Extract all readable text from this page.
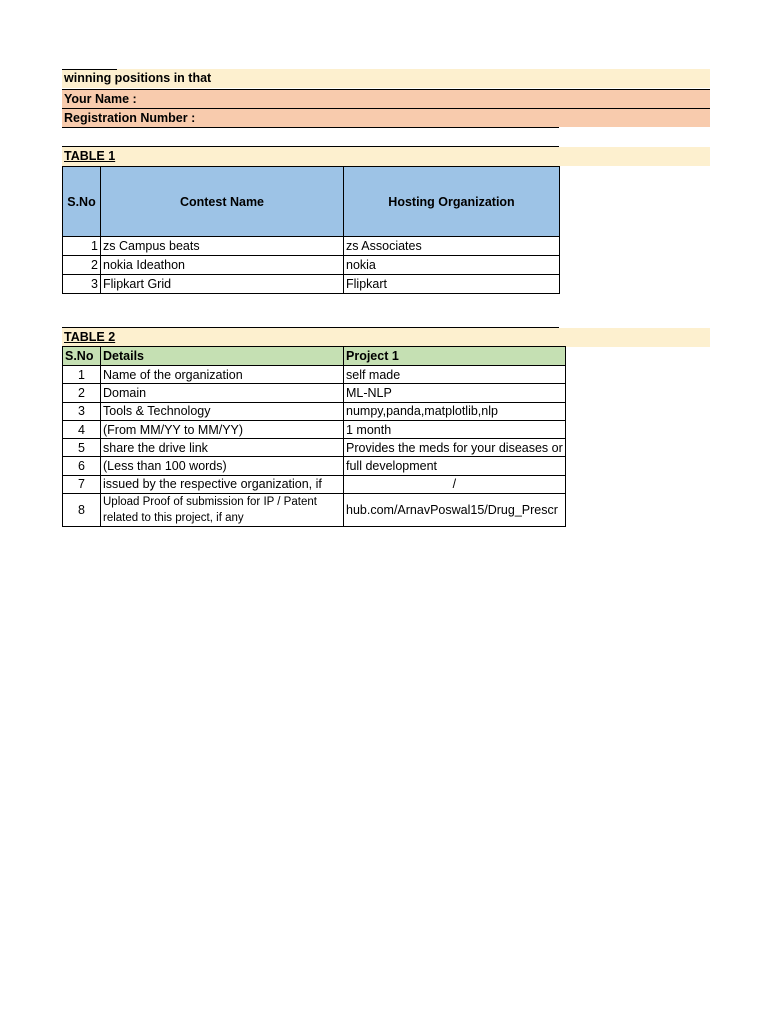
winning positions in that
Your Name :
Registration Number :
TABLE 1
S.No	Contest Name	Hosting Organization
1	zs Campus beats	zs Associates
2	nokia Ideathon	nokia
3	Flipkart Grid	Flipkart
TABLE 2
S.No	Details	Project 1
1	Name of the organization	self made
2	Domain	ML-NLP
3	Tools & Technology	numpy,panda,matplotlib,nlp
4	(From MM/YY to MM/YY)	1 month
5	share the drive link	Provides the meds for your diseases or
6	(Less than 100 words)	full development
7	issued by the respective organization, if	/
8	Upload Proof of submission for IP / Patent related to this project, if any	hub.com/ArnavPoswal15/Drug_Prescr
